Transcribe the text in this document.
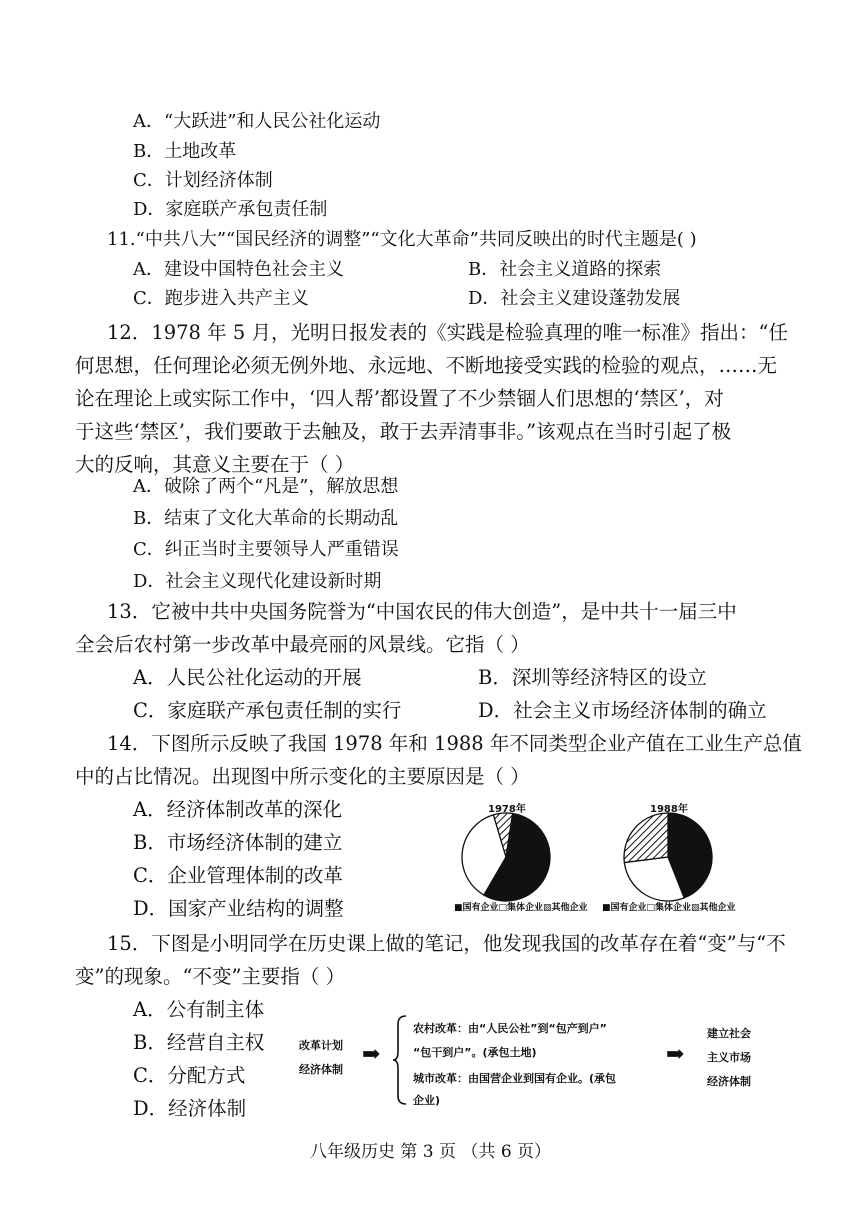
A．“大跃进”和人民公社化运动
B．土地改革
C．计划经济体制
D．家庭联产承包责任制
11.“中共八大”“国民经济的调整”“文化大革命”共同反映出的时代主题是( )
A．建设中国特色社会主义	B．社会主义道路的探索
C．跑步进入共产主义	D．社会主义建设蓬勃发展
12．1978 年 5 月，光明日报发表的《实践是检验真理的唯一标准》指出：“任
何思想，任何理论必须无例外地、永远地、不断地接受实践的检验的观点，……无
论在理论上或实际工作中，‘四人帮’都设置了不少禁锢人们思想的‘禁区’，对
于这些‘禁区’，我们要敢于去触及，敢于去弄清事非。”该观点在当时引起了极
大的反响，其意义主要在于（ ）
A．破除了两个“凡是”，解放思想
B．结束了文化大革命的长期动乱
C．纠正当时主要领导人严重错误
D．社会主义现代化建设新时期
13．它被中共中央国务院誉为“中国农民的伟大创造”，是中共十一届三中
全会后农村第一步改革中最亮丽的风景线。它指（ ）
A．人民公社化运动的开展	B．深圳等经济特区的设立
C．家庭联产承包责任制的实行	D．社会主义市场经济体制的确立
14．下图所示反映了我国 1978 年和 1988 年不同类型企业产值在工业生产总值
中的占比情况。出现图中所示变化的主要原因是（ ）
A．经济体制改革的深化
B．市场经济体制的建立
C．企业管理体制的改革
D．国家产业结构的调整
1978年	1988年
■国有企业□集体企业▨其他企业 ■国有企业□集体企业▨其他企业
15．下图是小明同学在历史课上做的笔记，他发现我国的改革存在着“变”与“不
变”的现象。“不变”主要指（ ）
A．公有制主体
B．经营自主权
C．分配方式
D．经济体制
改革计划
经济体制
➡
农村改革：由“人民公社”到“包产到户”
“包干到户”。(承包土地)
城市改革：由国营企业到国有企业。(承包
企业)
➡
建立社会
主义市场
经济体制
八年级历史 第 3 页 （共 6 页）
